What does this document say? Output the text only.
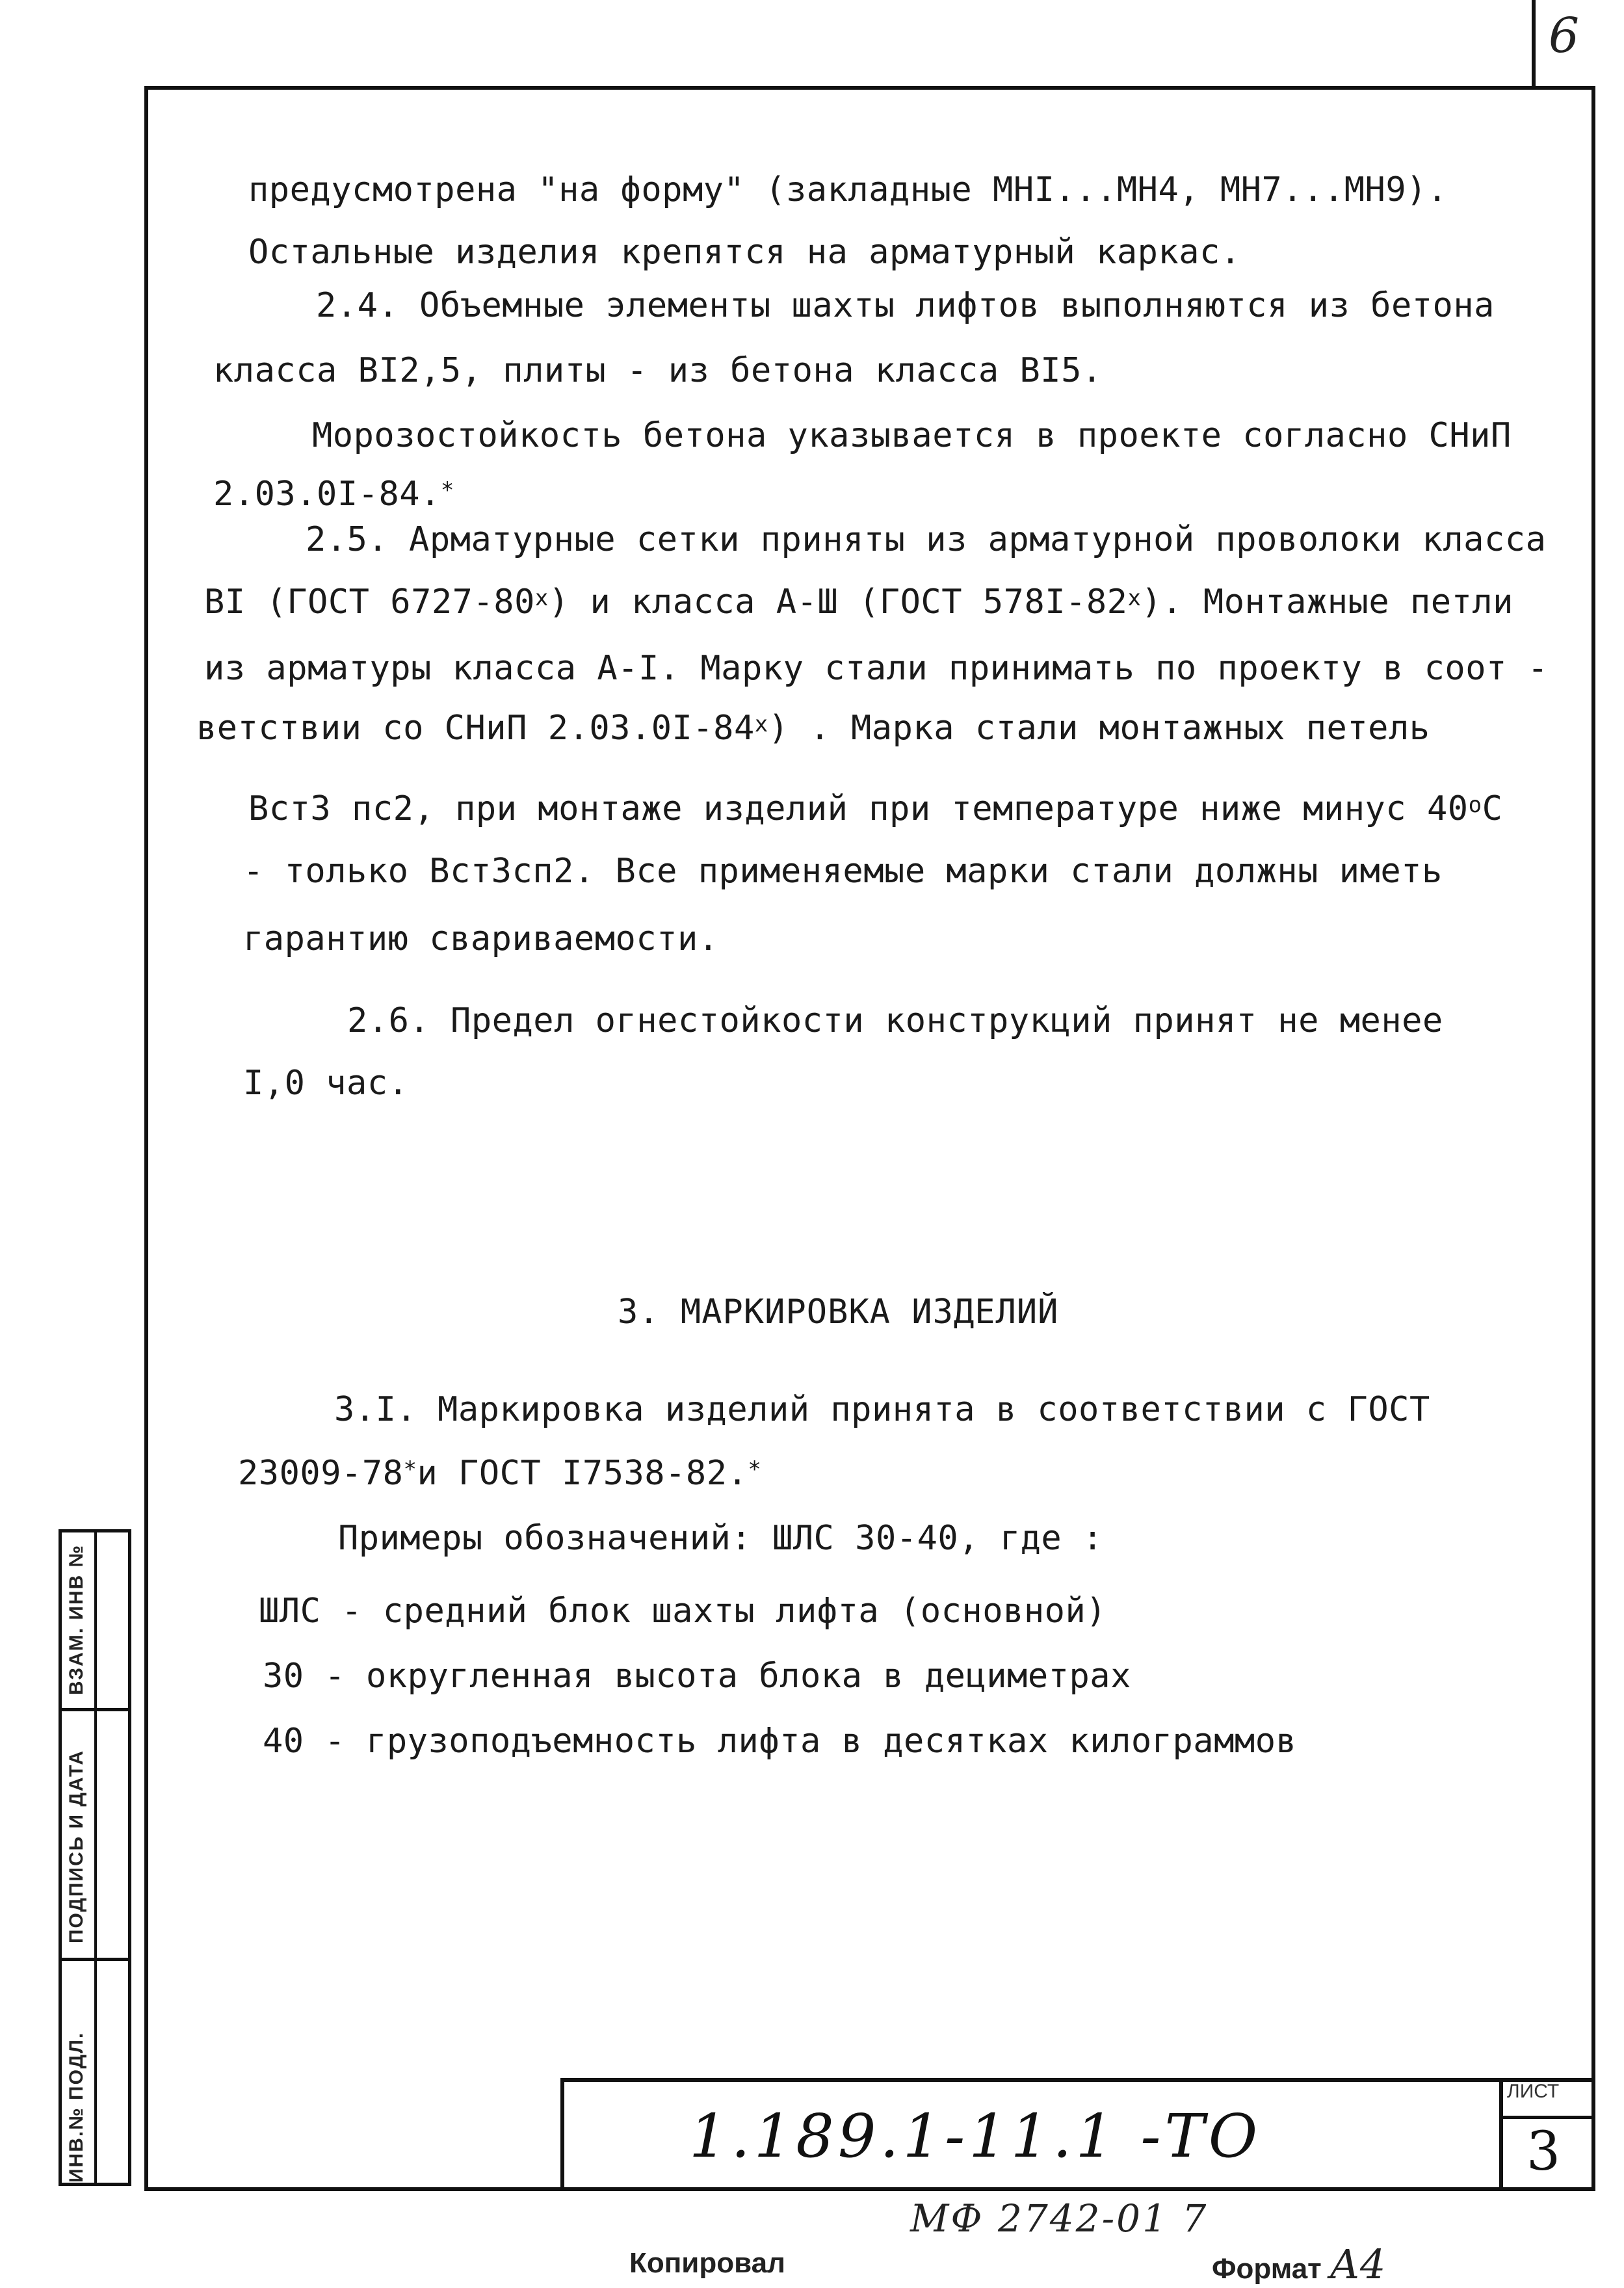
6
предусмотрена "на форму" (закладные МНI...МН4, МН7...МН9).
Остальные изделия крепятся на арматурный каркас.
2.4. Объемные элементы шахты лифтов выполняются из бетона
класса ВI2,5, плиты - из бетона класса ВI5.
Морозостойкость бетона указывается в проекте согласно СНиП
2.03.0I-84.*
2.5. Арматурные сетки приняты из арматурной проволоки класса
ВI (ГОСТ 6727-80$^x$) и класса А-Ш (ГОСТ 578I-82$^x$). Монтажные петли
из арматуры класса А-I. Марку стали принимать по проекту в соот -
ветствии со СНиП 2.03.0I-84$^x$) . Марка стали монтажных петель
Вст3 пс2, при монтаже изделий при температуре ниже минус 40$^o$С
- только Вст3сп2. Все применяемые марки стали должны иметь
гарантию свариваемости.
2.6. Предел огнестойкости конструкций принят не менее
I,0 час.
3. МАРКИРОВКА ИЗДЕЛИЙ
3.I. Маркировка изделий принята в соответствии с ГОСТ
23009-78*и ГОСТ I7538-82.*
Примеры обозначений: ШЛС 30-40, где :
ШЛС - средний блок шахты лифта (основной)
30 - округленная высота блока в дециметрах
40 - грузоподъемность лифта в десятках килограммов
ВЗАМ. ИНВ №
ПОДПИСЬ И ДАТА
ИНВ.№ ПОДЛ.	1.189.1-11.1 -ТО
ЛИСТ
3
МФ 2742-01 7
Копировал	Формат А4
